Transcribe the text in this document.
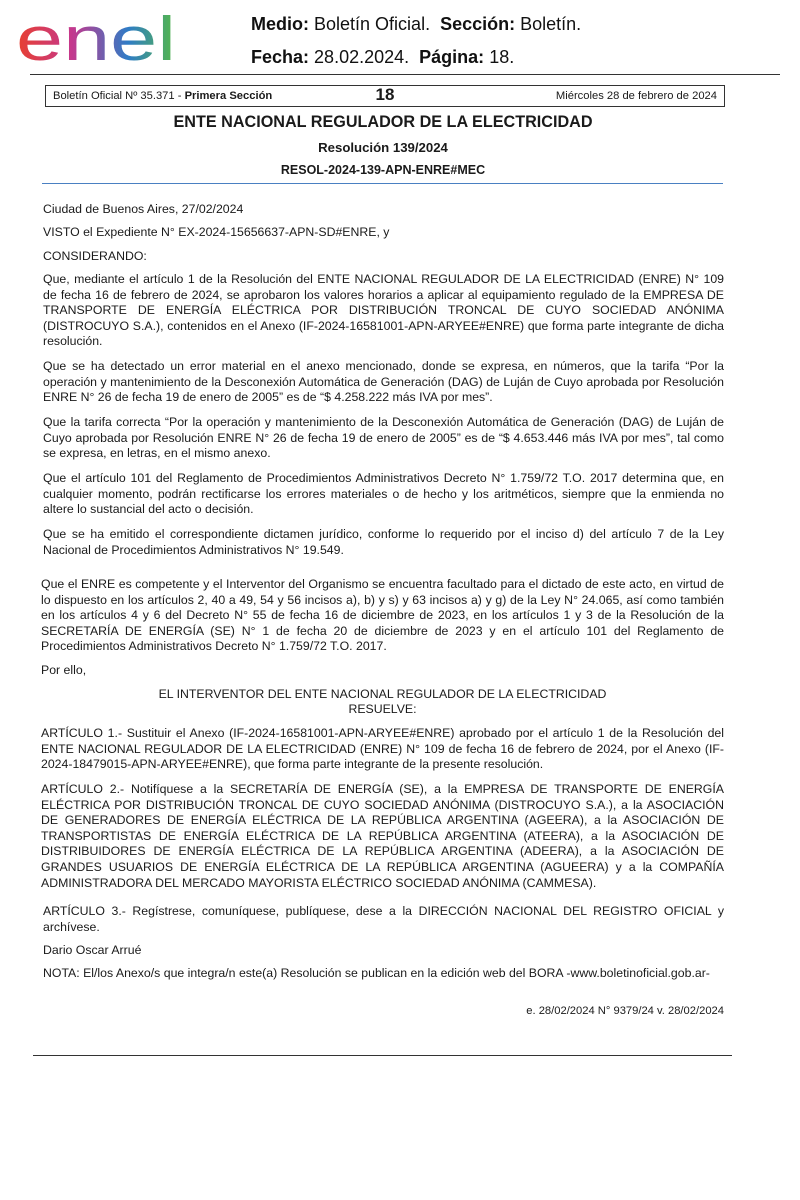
enel	Medio: Boletín Oficial. Sección: Boletín.
Fecha: 28.02.2024. Página: 18.
Boletín Oficial Nº 35.371 - Primera Sección	18	Miércoles 28 de febrero de 2024
ENTE NACIONAL REGULADOR DE LA ELECTRICIDAD
Resolución 139/2024
RESOL-2024-139-APN-ENRE#MEC

Ciudad de Buenos Aires, 27/02/2024

VISTO el Expediente N° EX-2024-15656637-APN-SD#ENRE, y

CONSIDERANDO:

Que, mediante el artículo 1 de la Resolución del ENTE NACIONAL REGULADOR DE LA ELECTRICIDAD (ENRE) N° 109 de fecha 16 de febrero de 2024, se aprobaron los valores horarios a aplicar al equipamiento regulado de la EMPRESA DE TRANSPORTE DE ENERGÍA ELÉCTRICA POR DISTRIBUCIÓN TRONCAL DE CUYO SOCIEDAD ANÓNIMA (DISTROCUYO S.A.), contenidos en el Anexo (IF-2024-16581001-APN-ARYEE#ENRE) que forma parte integrante de dicha resolución.

Que se ha detectado un error material en el anexo mencionado, donde se expresa, en números, que la tarifa “Por la operación y mantenimiento de la Desconexión Automática de Generación (DAG) de Luján de Cuyo aprobada por Resolución ENRE N° 26 de fecha 19 de enero de 2005” es de “$ 4.258.222 más IVA por mes”.

Que la tarifa correcta “Por la operación y mantenimiento de la Desconexión Automática de Generación (DAG) de Luján de Cuyo aprobada por Resolución ENRE N° 26 de fecha 19 de enero de 2005” es de “$ 4.653.446 más IVA por mes”, tal como se expresa, en letras, en el mismo anexo.

Que el artículo 101 del Reglamento de Procedimientos Administrativos Decreto N° 1.759/72 T.O. 2017 determina que, en cualquier momento, podrán rectificarse los errores materiales o de hecho y los aritméticos, siempre que la enmienda no altere lo sustancial del acto o decisión.

Que se ha emitido el correspondiente dictamen jurídico, conforme lo requerido por el inciso d) del artículo 7 de la Ley Nacional de Procedimientos Administrativos N° 19.549.

Que el ENRE es competente y el Interventor del Organismo se encuentra facultado para el dictado de este acto, en virtud de lo dispuesto en los artículos 2, 40 a 49, 54 y 56 incisos a), b) y s) y 63 incisos a) y g) de la Ley N° 24.065, así como también en los artículos 4 y 6 del Decreto N° 55 de fecha 16 de diciembre de 2023, en los artículos 1 y 3 de la Resolución de la SECRETARÍA DE ENERGÍA (SE) N° 1 de fecha 20 de diciembre de 2023 y en el artículo 101 del Reglamento de Procedimientos Administrativos Decreto N° 1.759/72 T.O. 2017.

Por ello,

EL INTERVENTOR DEL ENTE NACIONAL REGULADOR DE LA ELECTRICIDAD

RESUELVE:

ARTÍCULO 1.- Sustituir el Anexo (IF-2024-16581001-APN-ARYEE#ENRE) aprobado por el artículo 1 de la Resolución del ENTE NACIONAL REGULADOR DE LA ELECTRICIDAD (ENRE) N° 109 de fecha 16 de febrero de 2024, por el Anexo (IF-2024-18479015-APN-ARYEE#ENRE), que forma parte integrante de la presente resolución.

ARTÍCULO 2.- Notifíquese a la SECRETARÍA DE ENERGÍA (SE), a la EMPRESA DE TRANSPORTE DE ENERGÍA ELÉCTRICA POR DISTRIBUCIÓN TRONCAL DE CUYO SOCIEDAD ANÓNIMA (DISTROCUYO S.A.), a la ASOCIACIÓN DE GENERADORES DE ENERGÍA ELÉCTRICA DE LA REPÚBLICA ARGENTINA (AGEERA), a la ASOCIACIÓN DE TRANSPORTISTAS DE ENERGÍA ELÉCTRICA DE LA REPÚBLICA ARGENTINA (ATEERA), a la ASOCIACIÓN DE DISTRIBUIDORES DE ENERGÍA ELÉCTRICA DE LA REPÚBLICA ARGENTINA (ADEERA), a la ASOCIACIÓN DE GRANDES USUARIOS DE ENERGÍA ELÉCTRICA DE LA REPÚBLICA ARGENTINA (AGUEERA) y a la COMPAÑÍA ADMINISTRADORA DEL MERCADO MAYORISTA ELÉCTRICO SOCIEDAD ANÓNIMA (CAMMESA).

ARTÍCULO 3.- Regístrese, comuníquese, publíquese, dese a la DIRECCIÓN NACIONAL DEL REGISTRO OFICIAL y archívese.

Dario Oscar Arrué

NOTA: El/los Anexo/s que integra/n este(a) Resolución se publican en la edición web del BORA -www.boletinoficial.gob.ar-

e. 28/02/2024 N° 9379/24 v. 28/02/2024
